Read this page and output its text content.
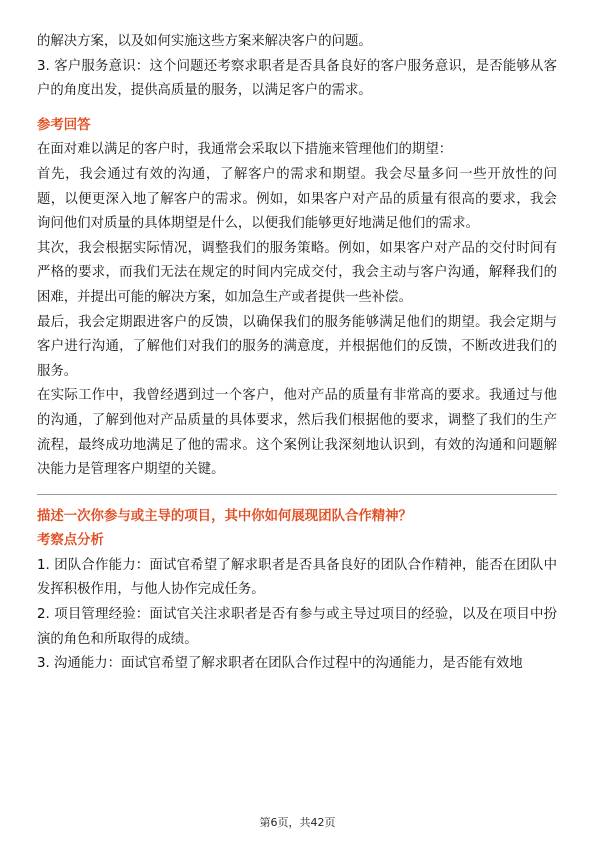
的解决方案，以及如何实施这些方案来解决客户的问题。

3. 客户服务意识：这个问题还考察求职者是否具备良好的客户服务意识，是否能够从客户的角度出发，提供高质量的服务，以满足客户的需求。

参考回答

在面对难以满足的客户时，我通常会采取以下措施来管理他们的期望：

首先，我会通过有效的沟通，了解客户的需求和期望。我会尽量多问一些开放性的问题，以便更深入地了解客户的需求。例如，如果客户对产品的质量有很高的要求，我会询问他们对质量的具体期望是什么，以便我们能够更好地满足他们的需求。

其次，我会根据实际情况，调整我们的服务策略。例如，如果客户对产品的交付时间有严格的要求，而我们无法在规定的时间内完成交付，我会主动与客户沟通，解释我们的困难，并提出可能的解决方案，如加急生产或者提供一些补偿。

最后，我会定期跟进客户的反馈，以确保我们的服务能够满足他们的期望。我会定期与客户进行沟通，了解他们对我们的服务的满意度，并根据他们的反馈，不断改进我们的服务。

在实际工作中，我曾经遇到过一个客户，他对产品的质量有非常高的要求。我通过与他的沟通，了解到他对产品质量的具体要求，然后我们根据他的要求，调整了我们的生产流程，最终成功地满足了他的需求。这个案例让我深刻地认识到，有效的沟通和问题解决能力是管理客户期望的关键。

描述一次你参与或主导的项目，其中你如何展现团队合作精神？
考察点分析

1. 团队合作能力：面试官希望了解求职者是否具备良好的团队合作精神，能否在团队中发挥积极作用，与他人协作完成任务。

2. 项目管理经验：面试官关注求职者是否有参与或主导过项目的经验，以及在项目中扮演的角色和所取得的成绩。

3. 沟通能力：面试官希望了解求职者在团队合作过程中的沟通能力，是否能有效地

第6页，共42页
